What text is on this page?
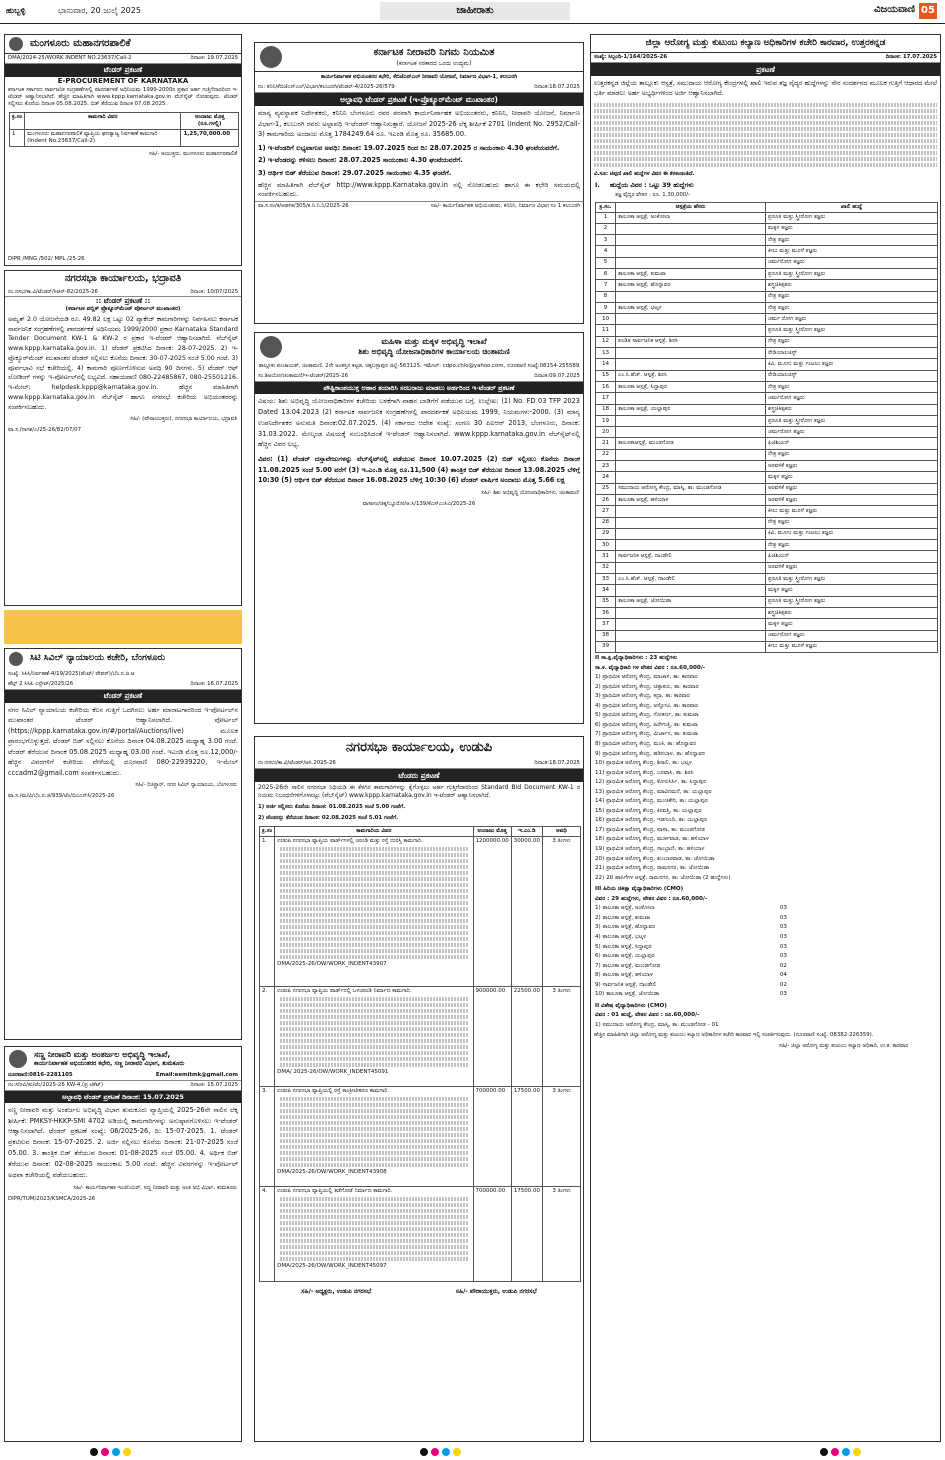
ಹುಬ್ಬಳ್ಳಿ	ಭಾನುವಾರ, 20 ಜುಲೈ 2025	ಜಾಹೀರಾತು	ವಿಜಯವಾಣಿ 05
ಮಂಗಳೂರು ಮಹಾನಗರಪಾಲಿಕೆ
DMA/2024-25/WORK INDENT NO.23637/Call-2	ದಿನಾಂಕ: 19.07.2025
ಟೆಂಡರ್ ಪ್ರಕಟಣೆ
E-PROCUREMENT OF KARNATAKA
ಕರ್ನಾಟಕ ಸರ್ಕಾರದ ಸಾರ್ವಜನಿಕ ಸಂಗ್ರಹಣೆಗಳಲ್ಲಿ ಪಾರದರ್ಶಕತೆ ಅಧಿನಿಯಮ 1999-2000ರ ಪ್ರಕಾರ ಅರ್ಹ ಗುತ್ತಿಗೆದಾರರಿಂದ ಇ-ಟೆಂಡರ್ ಆಹ್ವಾನಿಸಲಾಗಿದೆ. ಹೆಚ್ಚಿನ ಮಾಹಿತಿಗಾಗಿ www.kppp.karnataka.gov.in ವೆಬ್‌ಸೈಟ್ ನೋಡುವುದು. ಟೆಂಡರ್ ಸಲ್ಲಿಸಲು ಕೊನೆಯ ದಿನಾಂಕ 05.08.2025. ಬಿಡ್ ತೆರೆಯುವ ದಿನಾಂಕ 07.08.2025.
ಕ್ರ.ಸಂ	ಕಾಮಗಾರಿ ವಿವರ	ಅಂದಾಜು ಮೊತ್ತ (ರೂ.ಗಳಲ್ಲಿ)
1	ಮಂಗಳೂರು ಮಹಾನಗರಪಾಲಿಕೆ ವ್ಯಾಪ್ತಿಯ ಘನತ್ಯಾಜ್ಯ ನಿರ್ವಹಣೆ ಕಾಮಗಾರಿ (Indent No.23637/Call-2)	1,25,70,000.00
ಸಹಿ/- ಆಯುಕ್ತರು, ಮಂಗಳೂರು ಮಹಾನಗರಪಾಲಿಕೆ
DIPR /MNG /502/ MPL /25-26
ನಗರಸಭಾ ಕಾರ್ಯಾಲಯ, ಭದ್ರಾವತಿ
ನಂ.ನಸಭ/ಕಾ.ವಿ/ಟೆಂಡರ್/ಸಿಆರ್-82/2025-26	ದಿನಾಂಕ: 10/07/2025
:: ಟೆಂಡರ್ ಪ್ರಕಟಣೆ ::
(ಕರ್ನಾಟಕ ಪಬ್ಲಿಕ್ ಪ್ರೊಕ್ಯೂರ್‌ಮೆಂಟ್ ಪೋರ್ಟಲ್ ಮುಖಾಂತರ)
ಅಮೃತ್ 2.0 ಯೋಜನೆಯಡಿ ರೂ. 49.82 ಲಕ್ಷ ಒಟ್ಟು 02 ಪ್ಯಾಕೇಜ್ ಕಾಮಗಾರಿಗಳನ್ನು ನಿರ್ವಹಿಸಲು ಕರ್ನಾಟಕ ಸಾರ್ವಜನಿಕ ಸಂಗ್ರಹಣೆಗಳಲ್ಲಿ ಪಾರದರ್ಶಕತೆ ಅಧಿನಿಯಮ 1999/2000 ಪ್ರಕಾರ Karnataka Standard Tender Document KW-1 & KW-2 ರ ಪ್ರಕಾರ ಇ-ಟೆಂಡರ್ ಆಹ್ವಾನಿಸಲಾಗಿದೆ. ವೆಬ್‌ಸೈಟ್ www.kppp.karnataka.gov.in. 1) ಟೆಂಡರ್ ಪ್ರಕಟಿಸಿದ ದಿನಾಂಕ: 28-07-2025. 2) ಇ-ಪ್ರೊಕ್ಯೂರ್‌ಮೆಂಟ್ ಮುಖಾಂತರ ಟೆಂಡರ್ ಸಲ್ಲಿಸಲು ಕೊನೆಯ ದಿನಾಂಕ: 30-07-2025 ಸಂಜೆ 5.00 ಗಂಟೆ. 3) ಪೂರ್ವಭಾವಿ ಸಭೆ ಕಚೇರಿಯಲ್ಲಿ. 4) ಕಾಮಗಾರಿ ಪೂರ್ಣಗೊಳಿಸುವ ಅವಧಿ 90 ದಿನಗಳು. 5) ಟೆಂಡರ್ ಆಫ್ ಲೋಡಿಂಗ್ ಗಳನ್ನು ಇ-ಪೋರ್ಟಲ್‌ನಲ್ಲಿ ಲಭ್ಯವಿದೆ. ಸಹಾಯವಾಣಿ 080-22485867, 080-25501216. ಇ-ಮೇಲ್: helpdesk.kppp@karnataka.gov.in. ಹೆಚ್ಚಿನ ಮಾಹಿತಿಗಾಗಿ www.kppp.karnataka.gov.in ವೆಬ್‌ಸೈಟ್ ಹಾಗೂ ನಗರಸಭೆ ಕಚೇರಿಯ ಅಭಿಯಂತರರನ್ನು ಸಂಪರ್ಕಿಸಬಹುದು.
ಸಹಿ/- (ಪೌರಾಯುಕ್ತರು), ನಗರಸಭಾ ಕಾರ್ಯಾಲಯ, ಭದ್ರಾವತಿ
ವಾ.ಸ./ನಾಗಶ/ಎ/25-26/82/07/07
ಸಿಟಿ ಸಿವಿಲ್ ನ್ಯಾಯಾಲಯ ಕಚೇರಿ, ಬೆಂಗಳೂರು
ಸಂಖ್ಯೆ: ಸಿಸಿಸಿ/ನಿರ್ವಹಣೆ-4/19/2025(ಡೆಂಟ್/ ಪೇಪರ್)/ಬೆಂ.ನ.ಜಿ.ಆ
ಹೆಲ್ಪ್ 2 ಸಿಸಿಪಿ ಎಸ್ಟೇಟ್/2025/26	ದಿನಾಂಕ: 16.07.2025
ಟೆಂಡರ್ ಪ್ರಕಟಣೆ
ನಗರ ಸಿವಿಲ್ ನ್ಯಾಯಾಲಯ ಕಚೇರಿಯ ಕೆಲಸ ಗುತ್ತಿಗೆ ಒದಗಿಸಲು ಅರ್ಹ ಮಾರಾಟಗಾರರಿಂದ ಇ-ಪೋರ್ಟಲ್‌ನ ಮುಖಾಂತರ ಟೆಂಡರ್ ಆಹ್ವಾನಿಸಲಾಗಿದೆ. ಪೋರ್ಟಲ್ (https://kppp.karnataka.gov.in/#/portal/Auctions/live) ಮೂಲಕ ಪ್ರಾರಂಭಗೊಳ್ಳುತ್ತದೆ. ಟೆಂಡರ್ ಬಿಡ್ ಸಲ್ಲಿಸಲು ಕೊನೆಯ ದಿನಾಂಕ 04.08.2025 ಮಧ್ಯಾಹ್ನ 3.00 ಗಂಟೆ. ಟೆಂಡರ್ ತೆರೆಯುವ ದಿನಾಂಕ 05.08.2025 ಮಧ್ಯಾಹ್ನ 03.00 ಗಂಟೆ. ಇಎಂಡಿ ಮೊತ್ತ ರೂ.12,000/- ಹೆಚ್ಚಿನ ವಿವರಗಳಿಗೆ ಕಚೇರಿಯ ವೇಳೆಯಲ್ಲಿ ದೂರವಾಣಿ 080-22939220, ಇ-ಮೇಲ್ cccadm2@gmail.com ಸಂಪರ್ಕಿಸಬಹುದು.
ಸಹಿ/- ರಿಜಿಸ್ಟ್ರಾರ್, ನಗರ ಸಿವಿಲ್ ನ್ಯಾಯಾಲಯ, ಬೆಂಗಳೂರು
ವಾ.ಸ./ಮ/ವಿ/ಬೆಂ.ನ.ಜಿ/939/ಟೆಂ/ಬಿಎಎನ್‌ಸಿ/2025-26
ಸಣ್ಣ ನೀರಾವರಿ ಮತ್ತು ಅಂತರ್ಜಲ ಅಭಿವೃದ್ಧಿ ಇಲಾಖೆ,
ಕಾರ್ಯನಿರ್ವಾಹಕ ಅಭಿಯಂತರರ ಕಛೇರಿ, ಸಣ್ಣ ನೀರಾವರಿ ವಿಭಾಗ, ತುಮಕೂರು
ದೂರವಾಣಿ:0816-2281105	Email:eemitmk@gmail.com
ನಂ:ಸನೀವಿ/ತು/ಟೆಂ/2025-26 KW-4,(ಪ್ರ ಟಿಕೆಟ್)	ದಿನಾಂಕ: 15.07.2025
ಅಲ್ಪಾವಧಿ ಟೆಂಡರ್ ಪ್ರಕಟಣೆ ದಿನಾಂಕ: 15.07.2025
ಸಣ್ಣ ನೀರಾವರಿ ಮತ್ತು ಅಂತರ್ಜಲ ಅಭಿವೃದ್ಧಿ ವಿಭಾಗ ತುಮಕೂರು ವ್ಯಾಪ್ತಿಯಲ್ಲಿ 2025-26ನೇ ಸಾಲಿನ ಲೆಕ್ಕ ಶೀರ್ಷಿಕೆ: PMKSY-HKKP-SMI 4702 ಅಡಿಯಲ್ಲಿ ಕಾಮಗಾರಿಗಳನ್ನು ಅನುಷ್ಠಾನಗೊಳಿಸಲು ಇ-ಟೆಂಡರ್ ಆಹ್ವಾನಿಸಲಾಗಿದೆ. ಟೆಂಡರ್ ಪ್ರಕಟಣೆ ಸಂಖ್ಯೆ: 06/2025-26, ದಿ: 15-07-2025. 1. ಟೆಂಡರ್ ಪ್ರಕಟಿಸುವ ದಿನಾಂಕ: 15-07-2025. 2. ಅರ್ಜಿ ಸಲ್ಲಿಸಲು ಕೊನೆಯ ದಿನಾಂಕ: 21-07-2025 ಸಂಜೆ 05.00. 3. ತಾಂತ್ರಿಕ ಬಿಡ್ ತೆರೆಯುವ ದಿನಾಂಕ: 01-08-2025 ಸಂಜೆ 05.00. 4. ಅರ್ಥಿಕ ಬಿಡ್ ತೆರೆಯುವ ದಿನಾಂಕ: 02-08-2025 ಸಾಯಂಕಾಲ 5.00 ಗಂಟೆ. ಹೆಚ್ಚಿನ ವಿವರಗಳನ್ನು ಇ-ಪೋರ್ಟಲ್ ಅಥವಾ ಕಚೇರಿಯಲ್ಲಿ ಪಡೆಯಬಹುದು.
ಸಹಿ/- ಕಾರ್ಯನಿರ್ವಾಹಕ ಇಂಜಿನಿಯರ್, ಸಣ್ಣ ನೀರಾವರಿ ಮತ್ತು ಅಂತ ಅಭಿ ವಿಭಾಗ, ತುಮಕೂರು
DIPR/TUM/2023/KSMCA/2025-26
ಕರ್ನಾಟಕ ನೀರಾವರಿ ನಿಗಮ ನಿಯಮಿತ
(ಕರ್ನಾಟಕ ಸರಕಾರದ ಒಂದು ಉದ್ಯಮ)
ಕಾರ್ಯನಿರ್ವಾಹಕ ಅಭಿಯಂತರರ ಕಛೇರಿ, ಕೆಬಿಜೆಎನ್‌ಎಲ್ ನೀರಾವರಿ ಯೋಜನೆ, ನಿರ್ಮಾಣ ವಿಭಾಗ-1, ಕಲಬುರಗಿ
ನಂ: ಕನಿನಿ/ಕೆಬಿಜೆಎನ್‌ಎಲ್/ವಿಭಾಗ/ಕಲಬುರಗಿ/ಟೆಂಡರ್-4/2025-26/579	ದಿನಾಂಕ:18.07.2025
ಅಲ್ಪಾವಧಿ ಟೆಂಡರ್ ಪ್ರಕಟಣೆ (ಇ-ಪ್ರೊಕ್ಯೂರ್‌ಮೆಂಟ್ ಮುಖಾಂತರ)
ಮಾನ್ಯ ವ್ಯವಸ್ಥಾಪಕ ನಿರ್ದೇಶಕರು, ಕನಿನಿನಿ ಬೆಂಗಳೂರು ರವರ ಪರವಾಗಿ ಕಾರ್ಯನಿರ್ವಾಹಕ ಅಭಿಯಂತರರು, ಕನಿನಿನಿ, ನೀರಾವರಿ ಯೋಜನೆ, ನಿರ್ಮಾಣ ವಿಭಾಗ-1, ಕಲಬುರಗಿ ರವರು ಅಲ್ಪಾವಧಿ ಇ-ಟೆಂಡರ್ ಆಹ್ವಾನಿಸುತ್ತಾರೆ. ಯೋಜನೆ 2025-26 ಲೆಕ್ಕ ಶೀರ್ಷಿಕೆ 2701 (Indent No. 2952/Call-3) ಕಾಮಗಾರಿಯ ಅಂದಾಜು ಮೊತ್ತ 1784249.64 ರೂ. ಇಎಂಡಿ ಮೊತ್ತ ರೂ. 35685.00.
1) ಇ-ಟೆಂಡರಿಗೆ ಲಭ್ಯವಾಗುವ ಅವಧಿ: ದಿನಾಂಕ: 19.07.2025 ರಿಂದ ದಿ: 28.07.2025 ರ ಸಾಯಂಕಾಲ 4.30 ಘಂಟೆಯವರೆಗೆ.
2) ಇ-ಟೆಂಡರನ್ನು ಕಳಿಸಲು ದಿನಾಂಕ: 28.07.2025 ಸಾಯಂಕಾಲ 4.30 ಘಂಟೆಯವರೆಗೆ.
3) ಆರ್ಥಿಕ ಬಿಡ್ ತೆರೆಯುವ ದಿನಾಂಕ: 29.07.2025 ಸಾಯಂಕಾಲ 4.35 ಘಂಟೆಗೆ.
ಹೆಚ್ಚಿನ ಮಾಹಿತಿಗಾಗಿ ವೆಬ್‌ಸೈಟ್ http://www.kppp.Karnataka.gov.in ನಲ್ಲಿ ನೋಡಬಹುದು ಹಾಗೂ ಈ ಕಛೇರಿ ಸಮಯದಲ್ಲಿ ಸಂಪರ್ಕಿಸಬಹುದು.
ವಾ.ಸ.ನಂ/ಕ/ಆಡಳಿತ/305/ಕ.ನಿ.ನಿ.ನಿ/2025-26	ಸಹಿ/- ಕಾರ್ಯನಿರ್ವಾಹಕ ಅಭಿಯಂತರರು, ಕನಿನಿನಿ, ನಿರ್ಮಾಣ ವಿಭಾಗ ನಂ 1 ಕಲಬುರಗಿ
ಮಹಿಳಾ ಮತ್ತು ಮಕ್ಕಳ ಅಭಿವೃದ್ಧಿ ಇಲಾಖೆ
ಶಿಶು ಅಭಿವೃದ್ಧಿ ಯೋಜನಾಧಿಕಾರಿಗಳ ಕಾರ್ಯಾಲಯ ಚಿಂತಾಮಣಿ
ತಾಲ್ಲೂಕು ಪಂಚಾಯತ್, ಚಿಂತಾಮಣಿ. 2ನೇ ಅಂತಸ್ತಿನ ಕಟ್ಟಡ, ಚಿಕ್ಕಬಳ್ಳಾಪುರ ಜಿಲ್ಲೆ-563125. ಇಮೇಲ್: cdpo.chio@yahoo.com, ದೂರವಾಣಿ ಸಂಖ್ಯೆ:08154-255589
ಸಂ.ಶಿಅಯೋ/ಚಿಂತಾಮಣಿ/ಇ-ಟೆಂಡರ್/2025-26	ದಿನಾಂಕ:09.07.2025
ಪೌಷ್ಟಿಕಾಂಶಯುಕ್ತ ಆಹಾರ ತಯಾರಿಸಿ ಸರಬರಾಜು ಮಾಡಲು ಅರ್ಹರಿಂದ ಇ-ಟೆಂಡರ್ ಪ್ರಕಟಣೆ
ವಿಷಯ: ಶಿಶು ಅಭಿವೃದ್ಧಿ ಯೋಜನಾಧಿಕಾರಿಗಳ ಕಚೇರಿಯ ಬಳಕೆಗಾಗಿ ವಾಹನ ಬಾಡಿಗೆಗೆ ಪಡೆಯುವ ಬಗ್ಗೆ. ಉಲ್ಲೇಖ: (1) No. FD 03 TFP 2023 Dated 13.04.2023 (2) ಕರ್ನಾಟಕ ಸಾರ್ವಜನಿಕ ಸಂಗ್ರಹಣೆಗಳಲ್ಲಿ ಪಾರದರ್ಶಕತೆ ಅಧಿನಿಯಮ 1999, ನಿಯಮಗಳು-2000. (3) ಮಾನ್ಯ ಉಪನಿರ್ದೇಶಕರ ಅನುಮತಿ ದಿನಾಂಕ:02.07.2025. (4) ಸರ್ಕಾರದ ಆದೇಶ ಸಂಖ್ಯೆ: ಸಂಗಣ 30 ಪಿಐಆರ್ 2013, ಬೆಂಗಳೂರು, ದಿನಾಂಕ: 31.03.2022. ಮೇಲ್ಕಂಡ ವಿಷಯಕ್ಕೆ ಸಂಬಂಧಿಸಿದಂತೆ ಇ-ಟೆಂಡರ್ ಆಹ್ವಾನಿಸಲಾಗಿದೆ. www.kppp.karnataka.gov.in ವೆಬ್‌ಸೈಟ್‌ನಲ್ಲಿ ಹೆಚ್ಚಿನ ವಿವರ ಲಭ್ಯ.
ವಿವರ: (1) ಟೆಂಡರ್ ದಸ್ತಾವೇಜುಗಳನ್ನು ವೆಬ್‌ಸೈಟ್‌ನಲ್ಲಿ ಪಡೆಯುವ ದಿನಾಂಕ 10.07.2025 (2) ಬಿಡ್ ಸಲ್ಲಿಸಲು ಕೊನೆಯ ದಿನಾಂಕ 11.08.2025 ಸಂಜೆ 5.00 ವರೆಗೆ (3) ಇ.ಎಂ.ಡಿ ಮೊತ್ತ ರೂ.11,500 (4) ತಾಂತ್ರಿಕ ಬಿಡ್ ತೆರೆಯುವ ದಿನಾಂಕ 13.08.2025 ಬೆಳಿಗ್ಗೆ 10:30 (5) ಆರ್ಥಿಕ ಬಿಡ್ ತೆರೆಯುವ ದಿನಾಂಕ 16.08.2025 ಬೆಳಿಗ್ಗೆ 10:30 (6) ಟೆಂಡರ್ ವಾರ್ಷಿಕ ಅಂದಾಜು ಮೊತ್ತ 5.66 ಲಕ್ಷ
ಸಹಿ/- ಶಿಶು ಅಭಿವೃದ್ಧಿ ಯೋಜನಾಧಿಕಾರಿಗಳು, ಚಿಂತಾಮಣಿ
ವಾಸಾಸಂ/ಚಿಕ್ಕ/ಬ್ಯೂರೋ/ಆ.ಸಿ/139/ಕೆಎಸ್‌ಎಂಸಿಎ/2025-26
ನಗರಸಭಾ ಕಾರ್ಯಾಲಯ, ಉಡುಪಿ
ನಂ:ನಸಉ/ಕಾ.ವಿ/ಟೆಂಡರ್/ಆಸಿ.2025-26	ದಿನಾಂಕ:18.07.2025
ಟೆಂಡರು ಪ್ರಕಟಣೆ
2025-26ನೇ ಸಾಲಿನ ನಗರಸಭಾ ನಿಧಿಯಡಿ ಈ ಕೆಳಗಿನ ಕಾಮಗಾರಿಗಳನ್ನು ಕೈಗೊಳ್ಳಲು ಅರ್ಹ ಗುತ್ತಿಗೆದಾರರಿಂದ Standard Bid Document KW-1 ರ ನಿಯಮ ನಿಬಂಧನೆಗಳಿಗೊಳಪಟ್ಟು (ವೆಬ್‌ಸೈಟ್) www.kppp.karnataka.gov.in ಇ-ಟೆಂಡರ್ ಆಹ್ವಾನಿಸಲಾಗಿದೆ.
1) ಅರ್ಜಿ ಸಲ್ಲಿಸಲು ಕೊನೆಯ ದಿನಾಂಕ: 01.08.2025 ಸಂಜೆ 5.00 ಗಂಟೆಗೆ.
2) ಟೆಂಡರನ್ನು ತೆರೆಯುವ ದಿನಾಂಕ: 02.08.2025 ಸಂಜೆ 5.01 ಗಂಟೆಗೆ.
ಕ್ರ.ಸಂ	ಕಾಮಗಾರಿಯ ವಿವರ	ಅಂದಾಜು ಮೊತ್ತ	ಇ.ಎಂ.ಡಿ	ಅವಧಿ
1.	ಉಡುಪಿ ನಗರಸಭಾ ವ್ಯಾಪ್ತಿಯ ವಾರ್ಡ್‌ಗಳಲ್ಲಿ ಚರಂಡಿ ಮತ್ತು ರಸ್ತೆ ದುರಸ್ತಿ ಕಾಮಗಾರಿ.
DMA/2025-26/OW/WORK_INDENT43907	1200000.00	30000.00	3 ತಿಂಗಳು
2.	ಉಡುಪಿ ನಗರಸಭಾ ವ್ಯಾಪ್ತಿಯ ವಾರ್ಡ್‌ನಲ್ಲಿ ಒಳಚರಂಡಿ ನಿರ್ಮಾಣ ಕಾಮಗಾರಿ.
DMA/ 2025-26/OW/WORK_INDENT45091	900000.00	22500.00	3 ತಿಂಗಳು
3.	ಉಡುಪಿ ನಗರಸಭಾ ವ್ಯಾಪ್ತಿಯಲ್ಲಿ ರಸ್ತೆ ಕಾಂಕ್ರೀಟೀಕರಣ ಕಾಮಗಾರಿ.
DMA/2025-26/OW/WORK_INDENT43908	700000.00	17500.00	3 ತಿಂಗಳು
4.	ಉಡುಪಿ ನಗರಸಭಾ ವ್ಯಾಪ್ತಿಯಲ್ಲಿ ತಡೆಗೋಡೆ ನಿರ್ಮಾಣ ಕಾಮಗಾರಿ.
DMA/2025-26/OW/WORK_INDENT45097	700000.00	17500.00	3 ತಿಂಗಳು
ಸಹಿ/- ಅಧ್ಯಕ್ಷರು, ಉಡುಪಿ ನಗರಸಭೆ	ಸಹಿ/- ಪೌರಾಯುಕ್ತರು, ಉಡುಪಿ ನಗರಸಭೆ
ಜಿಲ್ಲಾ ಆರೋಗ್ಯ ಮತ್ತು ಕುಟುಂಬ ಕಲ್ಯಾಣ ಅಧಿಕಾರಿಗಳ ಕಚೇರಿ ಕಾರವಾರ, ಉತ್ತರಕನ್ನಡ
ಸಂಖ್ಯೆ: ಸಿಬ್ಬಂದಿ-1/164/2025-26	ದಿನಾಂಕ: 17.07.2025
ಪ್ರಕಟಣೆ
ಉತ್ತರಕನ್ನಡ ಜಿಲ್ಲೆಯ ತಾಲ್ಲೂಕು ಆಸ್ಪತ್ರೆ, ಸಮುದಾಯ ಆರೋಗ್ಯ ಕೇಂದ್ರಗಳಲ್ಲಿ ಖಾಲಿ ಇರುವ ತಜ್ಞ ವೈದ್ಯರ ಹುದ್ದೆಗಳನ್ನು ನೇರ ಸಂದರ್ಶನದ ಮೂಲಕ ಗುತ್ತಿಗೆ ಆಧಾರದ ಮೇಲೆ ಭರ್ತಿ ಮಾಡಲು ಅರ್ಹ ಅಭ್ಯರ್ಥಿಗಳಿಂದ ಅರ್ಜಿ ಆಹ್ವಾನಿಸಲಾಗಿದೆ.
ವಿ.ಸೂ: ಟಿಪ್ಪಣಿ ಖಾಲಿ ಹುದ್ದೆಗಳ ವಿವರ ಈ ಕೆಳಕಂಡಂತಿದೆ.
I. ಹುದ್ದೆಯ ವಿವರ : ಒಟ್ಟು 39 ಹುದ್ದೆಗಳು
ತಜ್ಞ ವೈದ್ಯರ ವೇತನ : ರೂ. 1,30,000/-
ಕ್ರ.ಸಂ.	ಆಸ್ಪತ್ರೆಯ ಹೆಸರು	ಖಾಲಿ ಹುದ್ದೆ
1	ತಾಲೂಕಾ ಆಸ್ಪತ್ರೆ, ಅಂಕೋಲಾ	ಪ್ರಸೂತಿ ಮತ್ತು ಸ್ತ್ರೀರೋಗ ತಜ್ಞರು
2		ಮಕ್ಕಳ ತಜ್ಞರು
3		ನೇತ್ರ ತಜ್ಞರು
4		ಕೀಲು ಮತ್ತು ಮೂಳೆ ತಜ್ಞರು
5		ಚರ್ಮರೋಗ ತಜ್ಞರು
6	ತಾಲೂಕಾ ಆಸ್ಪತ್ರೆ, ಕುಮಟಾ	ಪ್ರಸೂತಿ ಮತ್ತು ಸ್ತ್ರೀರೋಗ ತಜ್ಞರು
7	ತಾಲೂಕಾ ಆಸ್ಪತ್ರೆ, ಹೊನ್ನಾವರ	ಶಸ್ತ್ರಚಿಕಿತ್ಸಕರು
8		ನೇತ್ರ ತಜ್ಞರು
9	ತಾಲೂಕಾ ಆಸ್ಪತ್ರೆ, ಭಟ್ಕಳ	ನೇತ್ರ ತಜ್ಞರು
10		ಚರ್ಮ ರೋಗ ತಜ್ಞರು
11		ಪ್ರಸೂತಿ ಮತ್ತು ಸ್ತ್ರೀರೋಗ ತಜ್ಞರು
12	ಪಂಡಿತ ಸಾರ್ವಜನಿಕ ಆಸ್ಪತ್ರೆ, ಶಿರಸಿ	ನೇತ್ರ ತಜ್ಞರು
13		ರೇಡಿಯಾಲಜಿಸ್ಟ್
14		ಕಿವಿ, ಮೂಗು ಮತ್ತು ಗಂಟಲು ತಜ್ಞರು
15	ಎಂ.ಸಿ.ಹೆಚ್. ಆಸ್ಪತ್ರೆ, ಶಿರಸಿ	ರೇಡಿಯಾಲಜಿಸ್ಟ್
16	ತಾಲೂಕಾ ಆಸ್ಪತ್ರೆ, ಸಿದ್ದಾಪುರ	ನೇತ್ರ ತಜ್ಞರು
17		ಚರ್ಮರೋಗ ತಜ್ಞರು
18	ತಾಲೂಕಾ ಆಸ್ಪತ್ರೆ, ಯಲ್ಲಾಪುರ	ಶಸ್ತ್ರಚಿಕಿತ್ಸಕರು
19		ಪ್ರಸೂತಿ ಮತ್ತು ಸ್ತ್ರೀರೋಗ ತಜ್ಞರು
20		ಚರ್ಮರೋಗ ತಜ್ಞರು
21	ತಾಲೂಕಾಆಸ್ಪತ್ರೆ, ಮುಂಡಗೋಡ	ಫಿಜಿಶಿಯನ್
22		ನೇತ್ರ ತಜ್ಞರು
23		ಅರವಳಿಕೆ ತಜ್ಞರು
24		ಮಕ್ಕಳ ತಜ್ಞರು
25	ಸಮುದಾಯ ಆರೋಗ್ಯ ಕೇಂದ್ರ, ಮಾಸ್ಕಿ, ತಾ: ಮುಂಡಗೋಡ	ಅರವಳಿಕೆ ತಜ್ಞರು
26	ತಾಲೂಕಾ ಆಸ್ಪತ್ರೆ, ಹಳಿಯಾಳ	ಅರವಳಿಕೆ ತಜ್ಞರು
27		ಕೀಲು ಮತ್ತು ಮೂಳೆ ತಜ್ಞರು
28		ನೇತ್ರ ತಜ್ಞರು
29		ಕಿವಿ, ಮೂಗು ಮತ್ತು ಗಂಟಲು ತಜ್ಞರು
30		ನೇತ್ರ ತಜ್ಞರು
31	ಸಾರ್ವಜನಿಕ ಆಸ್ಪತ್ರೆ, ದಾಂಡೇಲಿ	ಫಿಜಿಶಿಯನ್
32		ಅರವಳಿಕೆ ತಜ್ಞರು
33	ಎಂ.ಸಿ.ಹೆಚ್. ಆಸ್ಪತ್ರೆ, ದಾಂಡೇಲಿ	ಪ್ರಸೂತಿ ಮತ್ತು ಸ್ತ್ರೀರೋಗ ತಜ್ಞರು
34		ಮಕ್ಕಳ ತಜ್ಞರು
35	ತಾಲೂಕಾ ಆಸ್ಪತ್ರೆ, ಜೋಯಿಡಾ	ಪ್ರಸೂತಿ ಮತ್ತು ಸ್ತ್ರೀರೋಗ ತಜ್ಞರು
36		ಶಸ್ತ್ರಚಿಕಿತ್ಸಕರು
37		ಮಕ್ಕಳ ತಜ್ಞರು
38		ಚರ್ಮರೋಗ ತಜ್ಞರು
39		ಕೀಲು ಮತ್ತು ಮೂಳೆ ತಜ್ಞರು
II ಸಾ.ಕ್ಷ.ವೈದ್ಯಾಧಿಕಾರಿಗಳು : 23 ಹುದ್ದೆಗಳು
ಸಾ.ಕ. ವೈದ್ಯಾಧಿಕಾರಿ ಗಳ ವೇತನ ವಿವರ : ರೂ.60,000/-
1) ಪ್ರಾಥಮಿಕ ಆರೋಗ್ಯ ಕೇಂದ್ರ, ಮಾಜಾಳಿ, ತಾ: ಕಾರವಾರ
2) ಪ್ರಾಥಮಿಕ ಆರೋಗ್ಯ ಕೇಂದ್ರ, ಚಿತ್ತಾಕುಲ, ತಾ: ಕಾರವಾರ
3) ಪ್ರಾಥಮಿಕ ಆರೋಗ್ಯ ಕೇಂದ್ರ, ಕದ್ರಾ, ತಾ: ಕಾರವಾರ
4) ಪ್ರಾಥಮಿಕ ಆರೋಗ್ಯ ಕೇಂದ್ರ, ಅಸ್ನೋಟಿ, ತಾ: ಕಾರವಾರ
5) ಪ್ರಾಥಮಿಕ ಆರೋಗ್ಯ ಕೇಂದ್ರ, ಗೋಕರ್ಣ, ತಾ: ಕುಮಟಾ
6) ಪ್ರಾಥಮಿಕ ಆರೋಗ್ಯ ಕೇಂದ್ರ, ಹಿರೇಗುತ್ತಿ, ತಾ: ಕುಮಟಾ
7) ಪ್ರಾಥಮಿಕ ಆರೋಗ್ಯ ಕೇಂದ್ರ, ಮಿರ್ಜಾನ, ತಾ: ಕುಮಟಾ
8) ಪ್ರಾಥಮಿಕ ಆರೋಗ್ಯ ಕೇಂದ್ರ, ಮಂಕಿ, ತಾ: ಹೊನ್ನಾವರ
9) ಪ್ರಾಥಮಿಕ ಆರೋಗ್ಯ ಕೇಂದ್ರ, ಹಡಿನಬಾಳ, ತಾ: ಹೊನ್ನಾವರ
10) ಪ್ರಾಥಮಿಕ ಆರೋಗ್ಯ ಕೇಂದ್ರ, ಶಿರಾಲಿ, ತಾ: ಭಟ್ಕಳ
11) ಪ್ರಾಥಮಿಕ ಆರೋಗ್ಯ ಕೇಂದ್ರ, ಬನವಾಸಿ, ತಾ: ಶಿರಸಿ
12) ಪ್ರಾಥಮಿಕ ಆರೋಗ್ಯ ಕೇಂದ್ರ, ಕೋಲಸಿರ್ಸಿ, ತಾ: ಸಿದ್ದಾಪುರ
13) ಪ್ರಾಥಮಿಕ ಆರೋಗ್ಯ ಕೇಂದ್ರ, ಮಾವಿನಮನೆ, ತಾ: ಯಲ್ಲಾಪುರ
14) ಪ್ರಾಥಮಿಕ ಆರೋಗ್ಯ ಕೇಂದ್ರ, ಮಂಚಿಕೇರಿ, ತಾ: ಯಲ್ಲಾಪುರ
15) ಪ್ರಾಥಮಿಕ ಆರೋಗ್ಯ ಕೇಂದ್ರ, ಕಿರವತ್ತಿ, ತಾ: ಯಲ್ಲಾಪುರ
16) ಪ್ರಾಥಮಿಕ ಆರೋಗ್ಯ ಕೇಂದ್ರ, ಇಡಗುಂದಿ, ತಾ: ಯಲ್ಲಾಪುರ
17) ಪ್ರಾಥಮಿಕ ಆರೋಗ್ಯ ಕೇಂದ್ರ, ಪಾಳಾ, ತಾ: ಮುಂಡಗೋಡ
18) ಪ್ರಾಥಮಿಕ ಆರೋಗ್ಯ ಕೇಂದ್ರ, ಮುರ್ಕವಾಡ, ತಾ: ಹಳಿಯಾಳ
19) ಪ್ರಾಥಮಿಕ ಆರೋಗ್ಯ ಕೇಂದ್ರ, ಸಾಂಬ್ರಾಣಿ, ತಾ: ಹಳಿಯಾಳ
20) ಪ್ರಾಥಮಿಕ ಆರೋಗ್ಯ ಕೇಂದ್ರ, ಕುಂಬಾರವಾಡ, ತಾ: ಜೋಯಿಡಾ
21) ಪ್ರಾಥಮಿಕ ಆರೋಗ್ಯ ಕೇಂದ್ರ, ರಾಮನಗರ, ತಾ: ಜೋಯಿಡಾ
22) 20 ಹಾಸಿಗೆಗಳ ಆಸ್ಪತ್ರೆ, ರಾಮನಗರ, ತಾ: ಜೋಯಿಡಾ (2 ಹುದ್ದೆಗಳು)
III ಹಿರಿಯ ಚಿಕಿತ್ಸಾ ವೈದ್ಯಾಧಿಕಾರಿಗಳು (CMO)
ವಿವರ : 29 ಹುದ್ದೆಗಳು, ವೇತನ ವಿವರ : ರೂ.60,000/-
1) ತಾಲೂಕಾ ಆಸ್ಪತ್ರೆ, ಅಂಕೋಲಾ	03
2) ತಾಲೂಕಾ ಆಸ್ಪತ್ರೆ, ಕುಮಟಾ	03
3) ತಾಲೂಕಾ ಆಸ್ಪತ್ರೆ, ಹೊನ್ನಾವರ	03
4) ತಾಲೂಕಾ ಆಸ್ಪತ್ರೆ, ಭಟ್ಕಳ	03
5) ತಾಲೂಕಾ ಆಸ್ಪತ್ರೆ, ಸಿದ್ದಾಪುರ	03
6) ತಾಲೂಕಾ ಆಸ್ಪತ್ರೆ, ಯಲ್ಲಾಪುರ	03
7) ತಾಲೂಕಾ ಆಸ್ಪತ್ರೆ, ಮುಂಡಗೋಡ	02
8) ತಾಲೂಕಾ ಆಸ್ಪತ್ರೆ, ಹಳಿಯಾಳ	04
9) ಸಾರ್ವಜನಿಕ ಆಸ್ಪತ್ರೆ, ದಾಂಡೇಲಿ	02
10) ತಾಲೂಕಾ ಆಸ್ಪತ್ರೆ, ಜೋಯಿಡಾ	03
II ವಿಶೇಷ ವೈದ್ಯಾಧಿಕಾರಿಗಳು (CMO)
ವಿವರ : 01 ಹುದ್ದೆ, ವೇತನ ವಿವರ : ರೂ.60,000/-
1) ಸಮುದಾಯ ಆರೋಗ್ಯ ಕೇಂದ್ರ, ಮಾಸ್ಕಿ, ತಾ: ಮುಂಡಗೋಡ - 01
ಹೆಚ್ಚಿನ ಮಾಹಿತಿಗಾಗಿ ಜಿಲ್ಲಾ ಆರೋಗ್ಯ ಮತ್ತು ಕುಟುಂಬ ಕಲ್ಯಾಣ ಅಧಿಕಾರಿಗಳ ಕಚೇರಿ ಕಾರವಾರ ಇಲ್ಲಿ ಸಂಪರ್ಕಿಸುವುದು. (ದೂರವಾಣಿ ಸಂಖ್ಯೆ: 08382-226359).
ಸಹಿ/- ಜಿಲ್ಲಾ ಆರೋಗ್ಯ ಮತ್ತು ಕುಟುಂಬ ಕಲ್ಯಾಣ ಅಧಿಕಾರಿ, ಉ.ಕ. ಕಾರವಾರ
